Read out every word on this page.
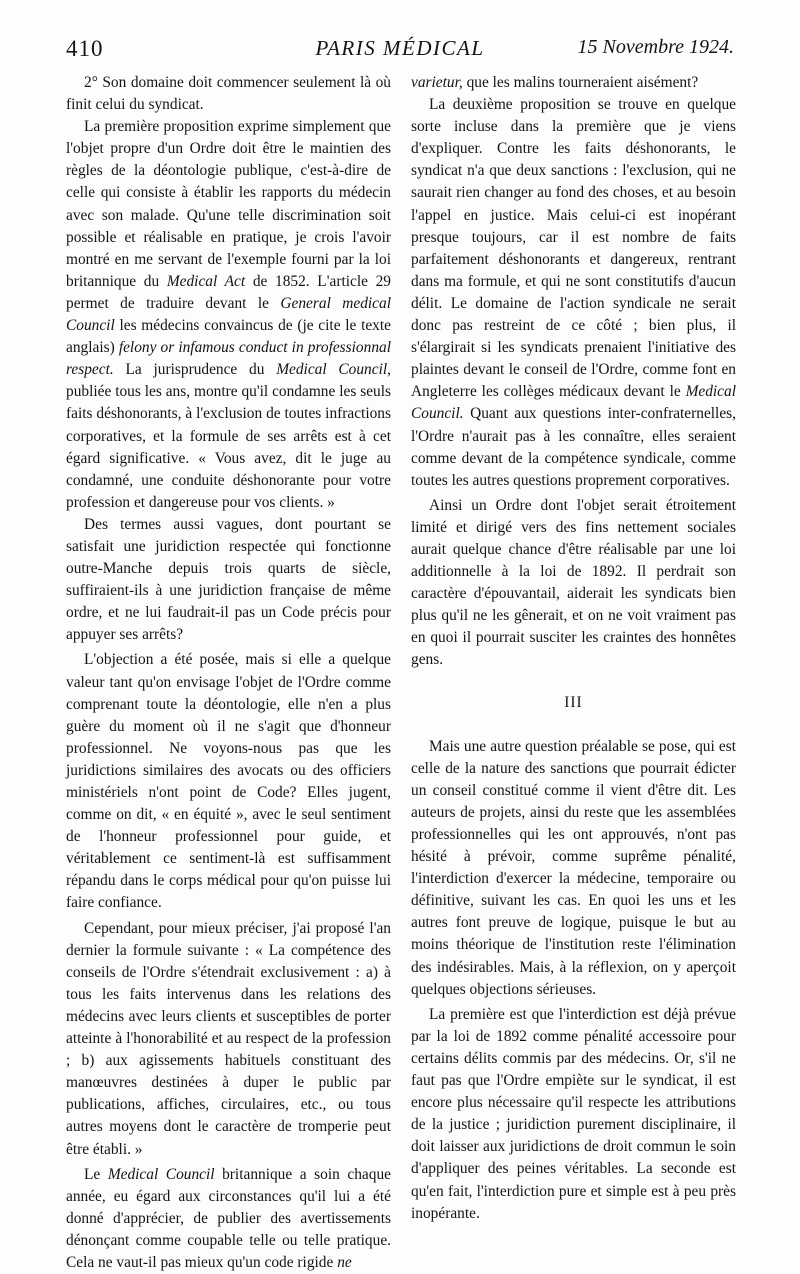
410	PARIS MÉDICAL	15 Novembre 1924.

2° Son domaine doit commencer seulement là où finit celui du syndicat.

La première proposition exprime simplement que l'objet propre d'un Ordre doit être le maintien des règles de la déontologie publique, c'est-à-dire de celle qui consiste à établir les rapports du médecin avec son malade. Qu'une telle discrimination soit possible et réalisable en pratique, je crois l'avoir montré en me servant de l'exemple fourni par la loi britannique du Medical Act de 1852. L'article 29 permet de traduire devant le General medical Council les médecins convaincus de (je cite le texte anglais) felony or infamous conduct in professionnal respect. La jurisprudence du Medical Council, publiée tous les ans, montre qu'il condamne les seuls faits déshonorants, à l'exclusion de toutes infractions corporatives, et la formule de ses arrêts est à cet égard significative. « Vous avez, dit le juge au condamné, une conduite déshonorante pour votre profession et dangereuse pour vos clients. »

Des termes aussi vagues, dont pourtant se satisfait une juridiction respectée qui fonctionne outre-Manche depuis trois quarts de siècle, suffiraient-ils à une juridiction française de même ordre, et ne lui faudrait-il pas un Code précis pour appuyer ses arrêts?

L'objection a été posée, mais si elle a quelque valeur tant qu'on envisage l'objet de l'Ordre comme comprenant toute la déontologie, elle n'en a plus guère du moment où il ne s'agit que d'honneur professionnel. Ne voyons-nous pas que les juridictions similaires des avocats ou des officiers ministériels n'ont point de Code? Elles jugent, comme on dit, « en équité », avec le seul sentiment de l'honneur professionnel pour guide, et véritablement ce sentiment-là est suffisamment répandu dans le corps médical pour qu'on puisse lui faire confiance.

Cependant, pour mieux préciser, j'ai proposé l'an dernier la formule suivante : « La compétence des conseils de l'Ordre s'étendrait exclusivement : a) à tous les faits intervenus dans les relations des médecins avec leurs clients et susceptibles de porter atteinte à l'honorabilité et au respect de la profession ; b) aux agissements habituels constituant des manœuvres destinées à duper le public par publications, affiches, circulaires, etc., ou tous autres moyens dont le caractère de tromperie peut être établi. »

Le Medical Council britannique a soin chaque année, eu égard aux circonstances qu'il lui a été donné d'apprécier, de publier des avertissements dénonçant comme coupable telle ou telle pratique. Cela ne vaut-il pas mieux qu'un code rigide ne

varietur, que les malins tourneraient aisément?

La deuxième proposition se trouve en quelque sorte incluse dans la première que je viens d'expliquer. Contre les faits déshonorants, le syndicat n'a que deux sanctions : l'exclusion, qui ne saurait rien changer au fond des choses, et au besoin l'appel en justice. Mais celui-ci est inopérant presque toujours, car il est nombre de faits parfaitement déshonorants et dangereux, rentrant dans ma formule, et qui ne sont constitutifs d'aucun délit. Le domaine de l'action syndicale ne serait donc pas restreint de ce côté ; bien plus, il s'élargirait si les syndicats prenaient l'initiative des plaintes devant le conseil de l'Ordre, comme font en Angleterre les collèges médicaux devant le Medical Council. Quant aux questions inter-confraternelles, l'Ordre n'aurait pas à les connaître, elles seraient comme devant de la compétence syndicale, comme toutes les autres questions proprement corporatives.

Ainsi un Ordre dont l'objet serait étroitement limité et dirigé vers des fins nettement sociales aurait quelque chance d'être réalisable par une loi additionnelle à la loi de 1892. Il perdrait son caractère d'épouvantail, aiderait les syndicats bien plus qu'il ne les gênerait, et on ne voit vraiment pas en quoi il pourrait susciter les craintes des honnêtes gens.

III

Mais une autre question préalable se pose, qui est celle de la nature des sanctions que pourrait édicter un conseil constitué comme il vient d'être dit. Les auteurs de projets, ainsi du reste que les assemblées professionnelles qui les ont approuvés, n'ont pas hésité à prévoir, comme suprême pénalité, l'interdiction d'exercer la médecine, temporaire ou définitive, suivant les cas. En quoi les uns et les autres font preuve de logique, puisque le but au moins théorique de l'institution reste l'élimination des indésirables. Mais, à la réflexion, on y aperçoit quelques objections sérieuses.

La première est que l'interdiction est déjà prévue par la loi de 1892 comme pénalité accessoire pour certains délits commis par des médecins. Or, s'il ne faut pas que l'Ordre empiète sur le syndicat, il est encore plus nécessaire qu'il respecte les attributions de la justice ; juridiction purement disciplinaire, il doit laisser aux juridictions de droit commun le soin d'appliquer des peines véritables. La seconde est qu'en fait, l'interdiction pure et simple est à peu près inopérante.
